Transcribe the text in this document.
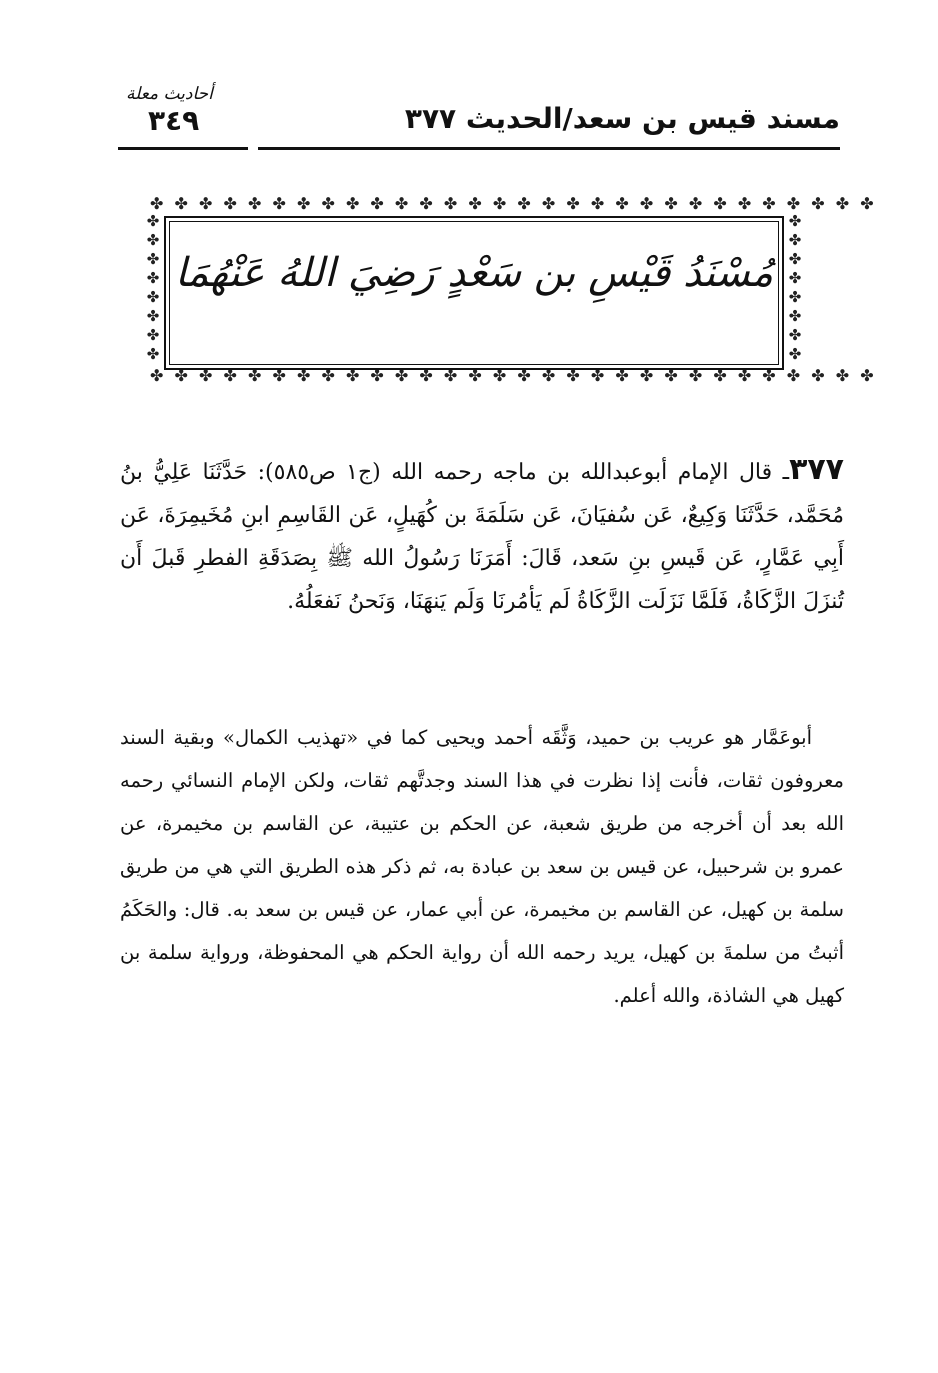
مسند قيس بن سعد/الحديث ٣٧٧
أحاديث معلة
٣٤٩
✤ ✤ ✤ ✤ ✤ ✤ ✤ ✤ ✤ ✤ ✤ ✤ ✤ ✤ ✤ ✤ ✤ ✤ ✤ ✤ ✤ ✤ ✤ ✤ ✤ ✤ ✤ ✤ ✤ ✤
✤ ✤ ✤ ✤ ✤ ✤ ✤ ✤ ✤ ✤ ✤ ✤ ✤ ✤ ✤ ✤ ✤ ✤ ✤ ✤ ✤ ✤ ✤ ✤ ✤ ✤ ✤ ✤ ✤ ✤
✤
✤
✤
✤
✤
✤
✤
✤
✤
✤
✤
✤
✤
✤
✤
✤
مُسْنَدُ قَيْسِ بن سَعْدٍ رَضِيَ اللهُ عَنْهُمَا
٣٧٧ـ قال الإمام أبوعبدالله بن ماجه رحمه الله (ج١ ص٥٨٥): حَدَّثَنَا عَلِيُّ بنُ مُحَمَّد، حَدَّثَنَا وَكِيعٌ، عَن سُفيَانَ، عَن سَلَمَةَ بن كُهَيلٍ، عَن القَاسِمِ ابنِ مُخَيمِرَةَ، عَن أَبِي عَمَّارٍ، عَن قَيسِ بنِ سَعد، قَالَ: أَمَرَنَا رَسُولُ الله ﷺ بِصَدَقَةِ الفطرِ قَبلَ أَن تُنزَلَ الزَّكَاةُ، فَلَمَّا نَزَلَت الزَّكَاةُ لَم يَأمُرنَا وَلَم يَنهَنَا، وَنَحنُ نَفعَلُهُ.
أبوعَمَّار هو عريب بن حميد، وَثَّقَه أحمد ويحيى كما في «تهذيب الكمال» وبقية السند معروفون ثقات، فأنت إذا نظرت في هذا السند وجدتَّهم ثقات، ولكن الإمام النسائي رحمه الله بعد أن أخرجه من طريق شعبة، عن الحكم بن عتيبة، عن القاسم بن مخيمرة، عن عمرو بن شرحبيل، عن قيس بن سعد بن عبادة به، ثم ذكر هذه الطريق التي هي من طريق سلمة بن كهيل، عن القاسم بن مخيمرة، عن أبي عمار، عن قيس بن سعد به. قال: والحَكَمُ أثبتُ من سلمةَ بن كهيل، يريد رحمه الله أن رواية الحكم هي المحفوظة، ورواية سلمة بن كهيل هي الشاذة، والله أعلم.
